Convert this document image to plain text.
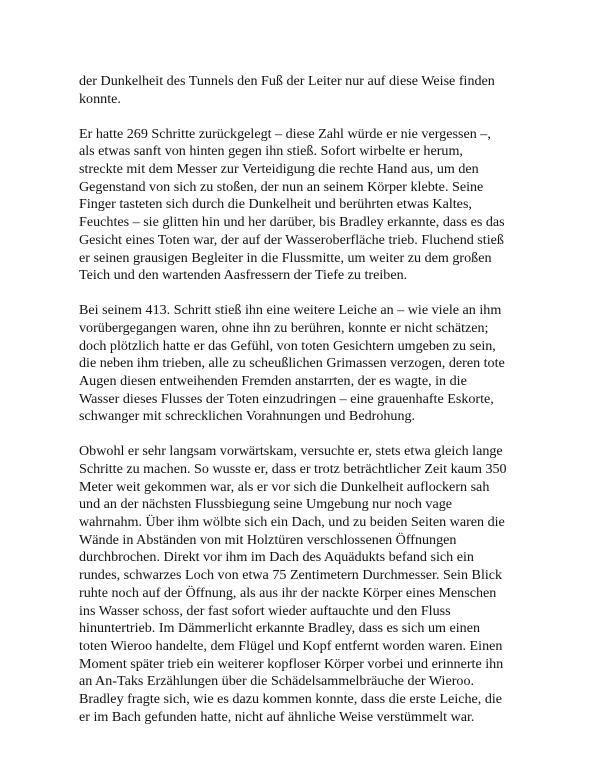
der Dunkelheit des Tunnels den Fuß der Leiter nur auf diese Weise finden
konnte.

Er hatte 269 Schritte zurückgelegt – diese Zahl würde er nie vergessen –,
als etwas sanft von hinten gegen ihn stieß. Sofort wirbelte er herum,
streckte mit dem Messer zur Verteidigung die rechte Hand aus, um den
Gegenstand von sich zu stoßen, der nun an seinem Körper klebte. Seine
Finger tasteten sich durch die Dunkelheit und berührten etwas Kaltes,
Feuchtes – sie glitten hin und her darüber, bis Bradley erkannte, dass es das
Gesicht eines Toten war, der auf der Wasseroberfläche trieb. Fluchend stieß
er seinen grausigen Begleiter in die Flussmitte, um weiter zu dem großen
Teich und den wartenden Aasfressern der Tiefe zu treiben.

Bei seinem 413. Schritt stieß ihn eine weitere Leiche an – wie viele an ihm
vorübergegangen waren, ohne ihn zu berühren, konnte er nicht schätzen;
doch plötzlich hatte er das Gefühl, von toten Gesichtern umgeben zu sein,
die neben ihm trieben, alle zu scheußlichen Grimassen verzogen, deren tote
Augen diesen entweihenden Fremden anstarrten, der es wagte, in die
Wasser dieses Flusses der Toten einzudringen – eine grauenhafte Eskorte,
schwanger mit schrecklichen Vorahnungen und Bedrohung.

Obwohl er sehr langsam vorwärtskam, versuchte er, stets etwa gleich lange
Schritte zu machen. So wusste er, dass er trotz beträchtlicher Zeit kaum 350
Meter weit gekommen war, als er vor sich die Dunkelheit auflockern sah
und an der nächsten Flussbiegung seine Umgebung nur noch vage
wahrnahm. Über ihm wölbte sich ein Dach, und zu beiden Seiten waren die
Wände in Abständen von mit Holztüren verschlossenen Öffnungen
durchbrochen. Direkt vor ihm im Dach des Aquädukts befand sich ein
rundes, schwarzes Loch von etwa 75 Zentimetern Durchmesser. Sein Blick
ruhte noch auf der Öffnung, als aus ihr der nackte Körper eines Menschen
ins Wasser schoss, der fast sofort wieder auftauchte und den Fluss
hinuntertrieb. Im Dämmerlicht erkannte Bradley, dass es sich um einen
toten Wieroo handelte, dem Flügel und Kopf entfernt worden waren. Einen
Moment später trieb ein weiterer kopfloser Körper vorbei und erinnerte ihn
an An-Taks Erzählungen über die Schädelsammelbräuche der Wieroo.
Bradley fragte sich, wie es dazu kommen konnte, dass die erste Leiche, die
er im Bach gefunden hatte, nicht auf ähnliche Weise verstümmelt war.
